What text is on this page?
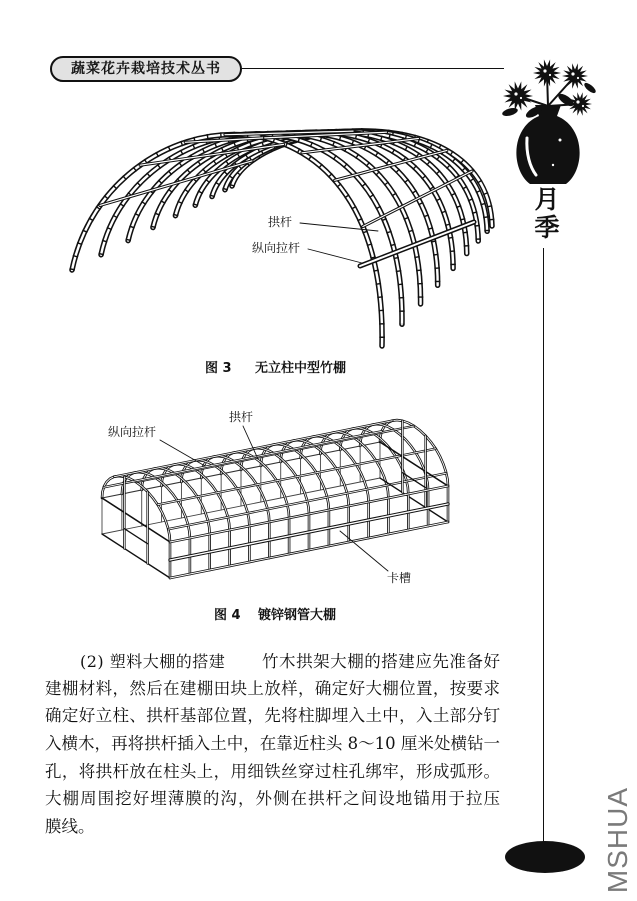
蔬菜花卉栽培技术丛书
月季
MSHUA
拱杆
纵向拉杆
图 3 无立柱中型竹棚
纵向拉杆
拱杆
卡槽
图 4 镀锌钢管大棚
(2) 塑料大棚的搭建 竹木拱架大棚的搭建应先准备好
建棚材料，然后在建棚田块上放样，确定好大棚位置，按要求
确定好立柱、拱杆基部位置，先将柱脚埋入土中，入土部分钉
入横木，再将拱杆插入土中，在靠近柱头 8～10 厘米处横钻一
孔，将拱杆放在柱头上，用细铁丝穿过柱孔绑牢，形成弧形。
大棚周围挖好埋薄膜的沟，外侧在拱杆之间设地锚用于拉压
膜线。
